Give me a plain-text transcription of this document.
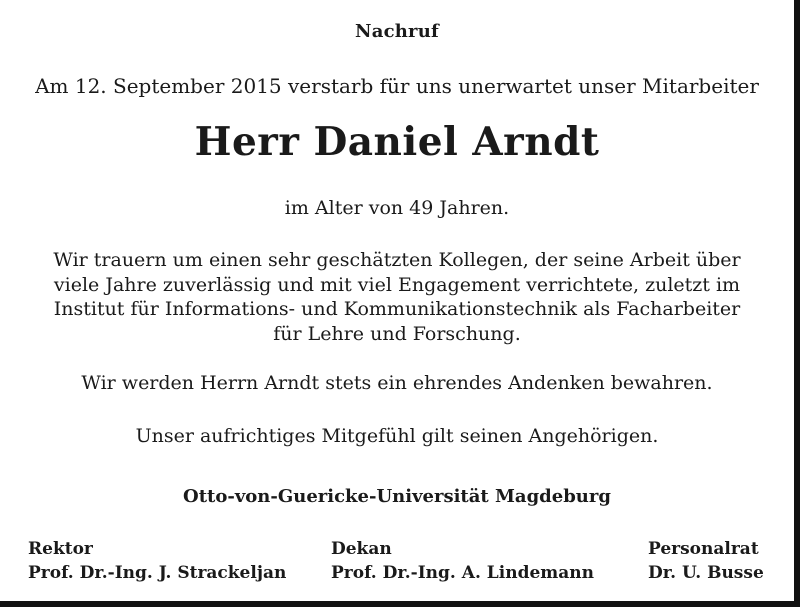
Nachruf
Am 12. September 2015 verstarb für uns unerwartet unser Mitarbeiter
Herr Daniel Arndt
im Alter von 49 Jahren.
Wir trauern um einen sehr geschätzten Kollegen, der seine Arbeit über
viele Jahre zuverlässig und mit viel Engagement verrichtete, zuletzt im
Institut für Informations- und Kommunikationstechnik als Facharbeiter
für Lehre und Forschung.
Wir werden Herrn Arndt stets ein ehrendes Andenken bewahren.
Unser aufrichtiges Mitgefühl gilt seinen Angehörigen.
Otto-von-Guericke-Universität Magdeburg
Rektor
Prof. Dr.-Ing. J. Strackeljan
Dekan
Prof. Dr.-Ing. A. Lindemann
Personalrat
Dr. U. Busse
